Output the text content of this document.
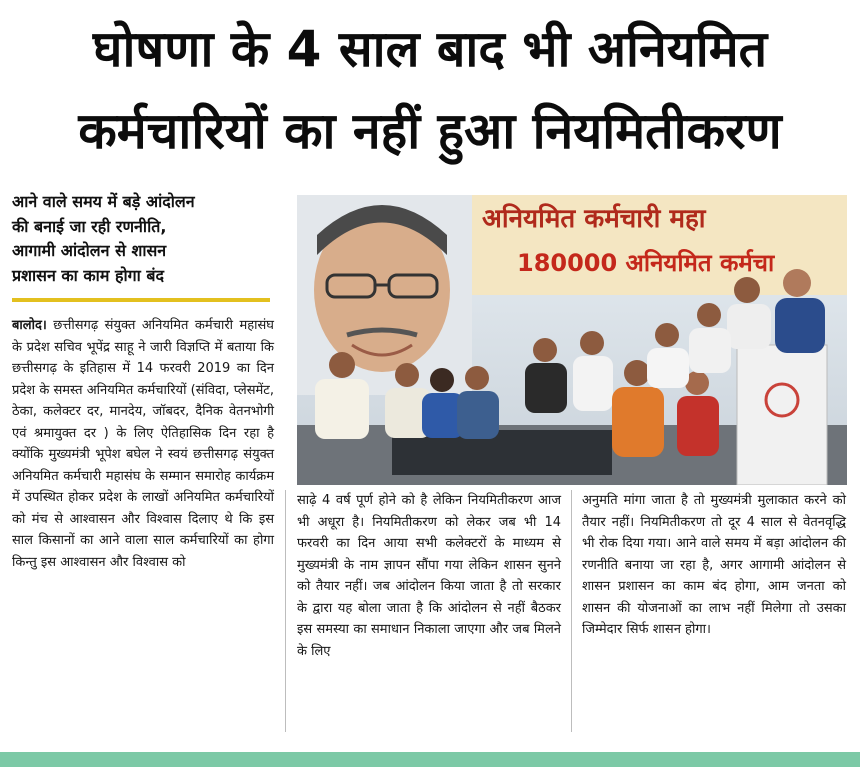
घोषणा के 4 साल बाद भी अनियमित
कर्मचारियों का नहीं हुआ नियमितीकरण
आने वाले समय में बड़े आंदोलन
की बनाई जा रही रणनीति,
आगामी आंदोलन से शासन
प्रशासन का काम होगा बंद
अनियमित कर्मचारी महा
180000 अनियमित कर्मचा

बालोद। छत्तीसगढ़ संयुक्त अनियमित कर्मचारी महासंघ के प्रदेश सचिव भूपेंद्र साहू ने जारी विज्ञप्ति में बताया कि छत्तीसगढ़ के इतिहास में 14 फरवरी 2019 का दिन प्रदेश के समस्त अनियमित कर्मचारियों (संविदा, प्लेसमेंट, ठेका, कलेक्टर दर, मानदेय, जॉबदर, दैनिक वेतनभोगी एवं श्रमायुक्त दर ) के लिए ऐतिहासिक दिन रहा है क्योंकि मुख्यमंत्री भूपेश बघेल ने स्वयं छत्तीसगढ़ संयुक्त अनियमित कर्मचारी महासंघ के सम्मान समारोह कार्यक्रम में उपस्थित होकर प्रदेश के लाखों अनियमित कर्मचारियों को मंच से आश्वासन और विश्वास दिलाए थे कि इस साल किसानों का आने वाला साल कर्मचारियों का होगा किन्तु इस आश्वासन और विश्वास को

साढ़े 4 वर्ष पूर्ण होने को है लेकिन नियमितीकरण आज भी अधूरा है। नियमितीकरण को लेकर जब भी 14 फरवरी का दिन आया सभी कलेक्टरों के माध्यम से मुख्यमंत्री के नाम ज्ञापन सौंपा गया लेकिन शासन सुनने को तैयार नहीं। जब आंदोलन किया जाता है तो सरकार के द्वारा यह बोला जाता है कि आंदोलन से नहीं बैठकर इस समस्या का समाधान निकाला जाएगा और जब मिलने के लिए

अनुमति मांगा जाता है तो मुख्यमंत्री मुलाकात करने को तैयार नहीं। नियमितीकरण तो दूर 4 साल से वेतनवृद्धि भी रोक दिया गया। आने वाले समय में बड़ा आंदोलन की रणनीति बनाया जा रहा है, अगर आगामी आंदोलन से शासन प्रशासन का काम बंद होगा, आम जनता को शासन की योजनाओं का लाभ नहीं मिलेगा तो उसका जिम्मेदार सिर्फ शासन होगा।
